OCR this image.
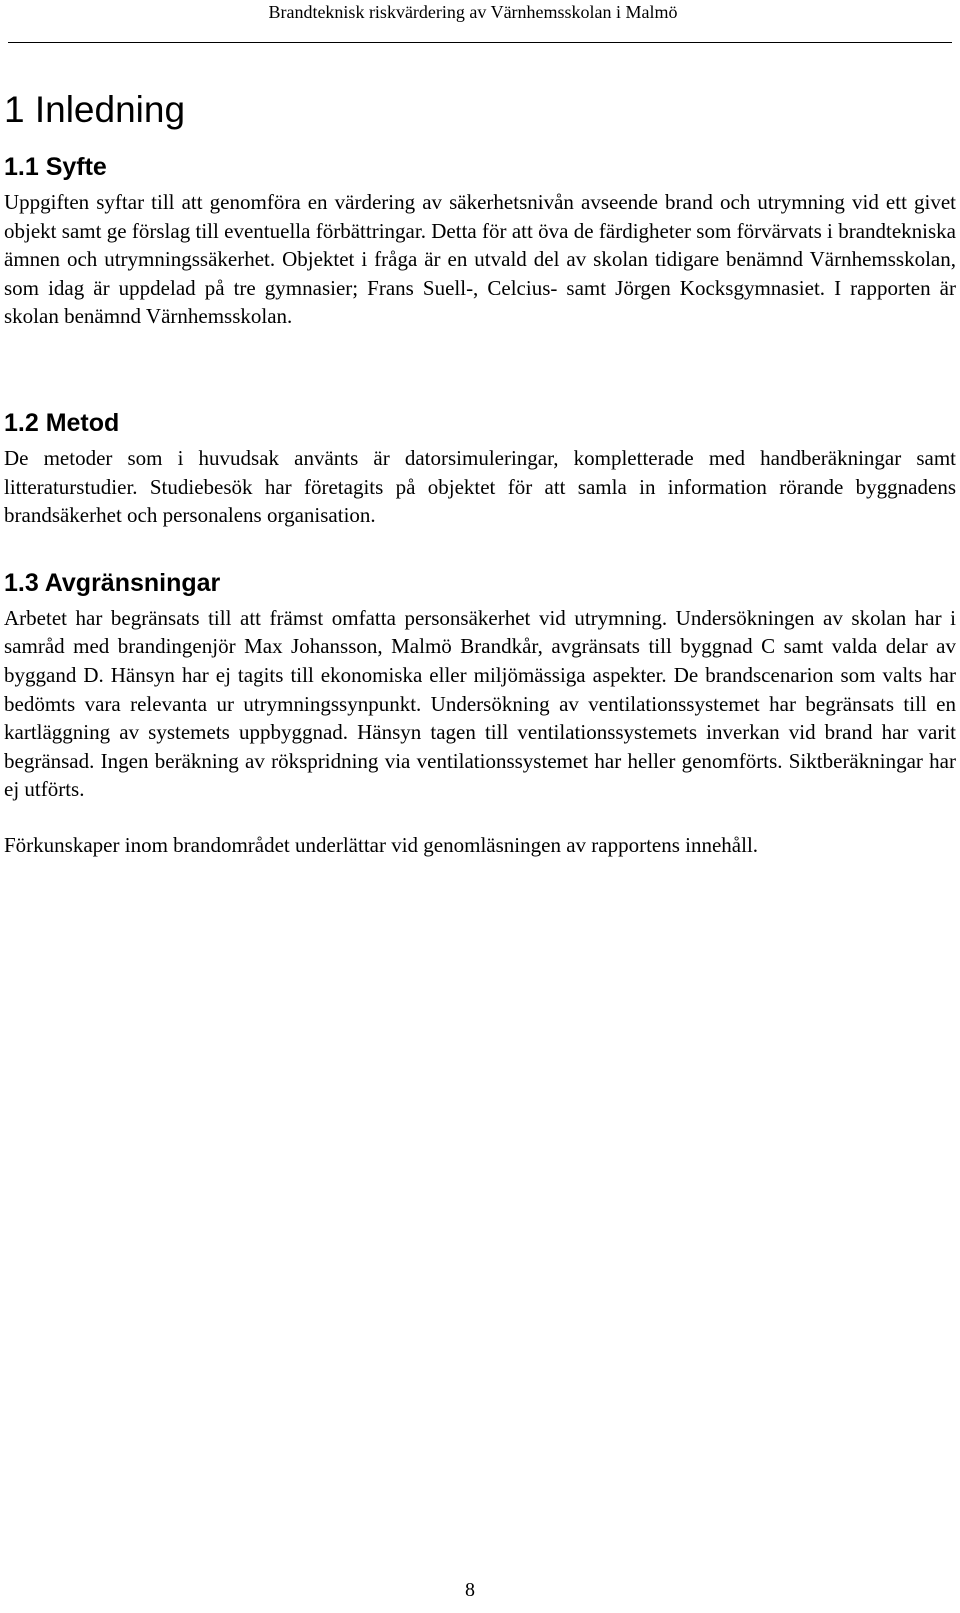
Brandteknisk riskvärdering av Värnhemsskolan i Malmö
1 Inledning
1.1 Syfte

Uppgiften syftar till att genomföra en värdering av säkerhetsnivån avseende brand och utrymning vid ett givet objekt samt ge förslag till eventuella förbättringar. Detta för att öva de färdigheter som förvärvats i brandtekniska ämnen och utrymningssäkerhet. Objektet i fråga är en utvald del av skolan tidigare benämnd Värnhemsskolan, som idag är uppdelad på tre gymnasier; Frans Suell-, Celcius- samt Jörgen Kocksgymnasiet. I rapporten är skolan benämnd Värnhemsskolan.

1.2 Metod

De metoder som i huvudsak använts är datorsimuleringar, kompletterade med handberäkningar samt litteraturstudier. Studiebesök har företagits på objektet för att samla in information rörande byggnadens brandsäkerhet och personalens organisation.

1.3 Avgränsningar

Arbetet har begränsats till att främst omfatta personsäkerhet vid utrymning. Undersökningen av skolan har i samråd med brandingenjör Max Johansson, Malmö Brandkår, avgränsats till byggnad C samt valda delar av byggand D. Hänsyn har ej tagits till ekonomiska eller miljömässiga aspekter. De brandscenarion som valts har bedömts vara relevanta ur utrymningssynpunkt. Undersökning av ventilationssystemet har begränsats till en kartläggning av systemets uppbyggnad. Hänsyn tagen till ventilationssystemets inverkan vid brand har varit begränsad. Ingen beräkning av rökspridning via ventilationssystemet har heller genomförts. Siktberäkningar har ej utförts.

Förkunskaper inom brandområdet underlättar vid genomläsningen av rapportens innehåll.

8
